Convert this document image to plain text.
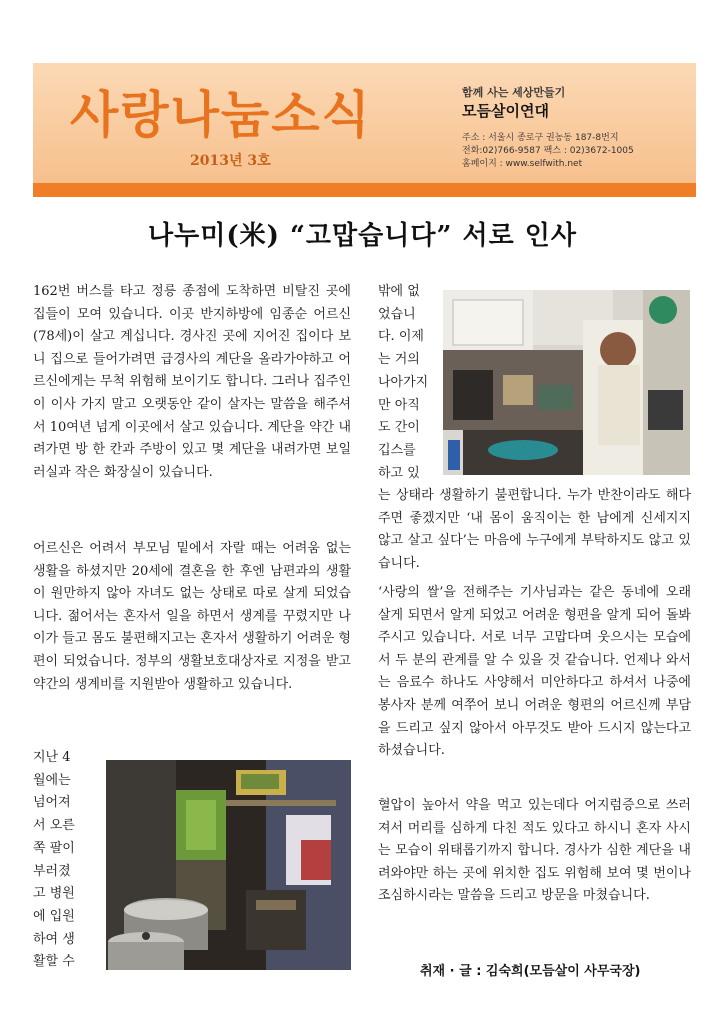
사랑나눔소식
2013년 3호
함께 사는 세상만들기
모듬살이연대
주소 : 서울시 종로구 권농동 187-8번지
전화:02)766-9587 팩스 : 02)3672-1005
홈페이지 : www.selfwith.net
나누미(米) “고맙습니다” 서로 인사

162번 버스를 타고 정릉 종점에 도착하면 비탈진 곳에 집들이 모여 있습니다. 이곳 반지하방에 임종순 어르신(78세)이 살고 계십니다. 경사진 곳에 지어진 집이다 보니 집으로 들어가려면 급경사의 계단을 올라가야하고 어르신에게는 무척 위험해 보이기도 합니다. 그러나 집주인이 이사 가지 말고 오랫동안 같이 살자는 말씀을 해주셔서 10여년 넘게 이곳에서 살고 있습니다. 계단을 약간 내려가면 방 한 칸과 주방이 있고 몇 계단을 내려가면 보일러실과 작은 화장실이 있습니다.

어르신은 어려서 부모님 밑에서 자랄 때는 어려움 없는 생활을 하셨지만 20세에 결혼을 한 후엔 남편과의 생활이 원만하지 않아 자녀도 없는 상태로 따로 살게 되었습니다. 젊어서는 혼자서 일을 하면서 생계를 꾸렸지만 나이가 들고 몸도 불편해지고는 혼자서 생활하기 어려운 형편이 되었습니다. 정부의 생활보호대상자로 지정을 받고 약간의 생계비를 지원받아 생활하고 있습니다.

지난 4
월에는
넘어져
서 오른
쪽 팔이
부러졌
고 병원
에 입원
하여 생
활할 수
밖에 없
었습니
다. 이제
는 거의
나아가지
만 아직
도 간이
깁스를
하고 있

는 상태라 생활하기 불편합니다. 누가 반찬이라도 해다 주면 좋겠지만 ‘내 몸이 움직이는 한 남에게 신세지지 않고 살고 싶다’는 마음에 누구에게 부탁하지도 않고 있습니다.

‘사랑의 쌀’을 전해주는 기사님과는 같은 동네에 오래 살게 되면서 알게 되었고 어려운 형편을 알게 되어 돌봐주시고 있습니다. 서로 너무 고맙다며 웃으시는 모습에서 두 분의 관계를 알 수 있을 것 같습니다. 언제나 와서는 음료수 하나도 사양해서 미안하다고 하셔서 나중에 봉사자 분께 여쭈어 보니 어려운 형편의 어르신께 부담을 드리고 싶지 않아서 아무것도 받아 드시지 않는다고 하셨습니다.

혈압이 높아서 약을 먹고 있는데다 어지럼증으로 쓰러져서 머리를 심하게 다친 적도 있다고 하시니 혼자 사시는 모습이 위태롭기까지 합니다. 경사가 심한 계단을 내려와야만 하는 곳에 위치한 집도 위험해 보여 몇 번이나 조심하시라는 말씀을 드리고 방문을 마쳤습니다.

취재 · 글 : 김숙희(모듬살이 사무국장)
